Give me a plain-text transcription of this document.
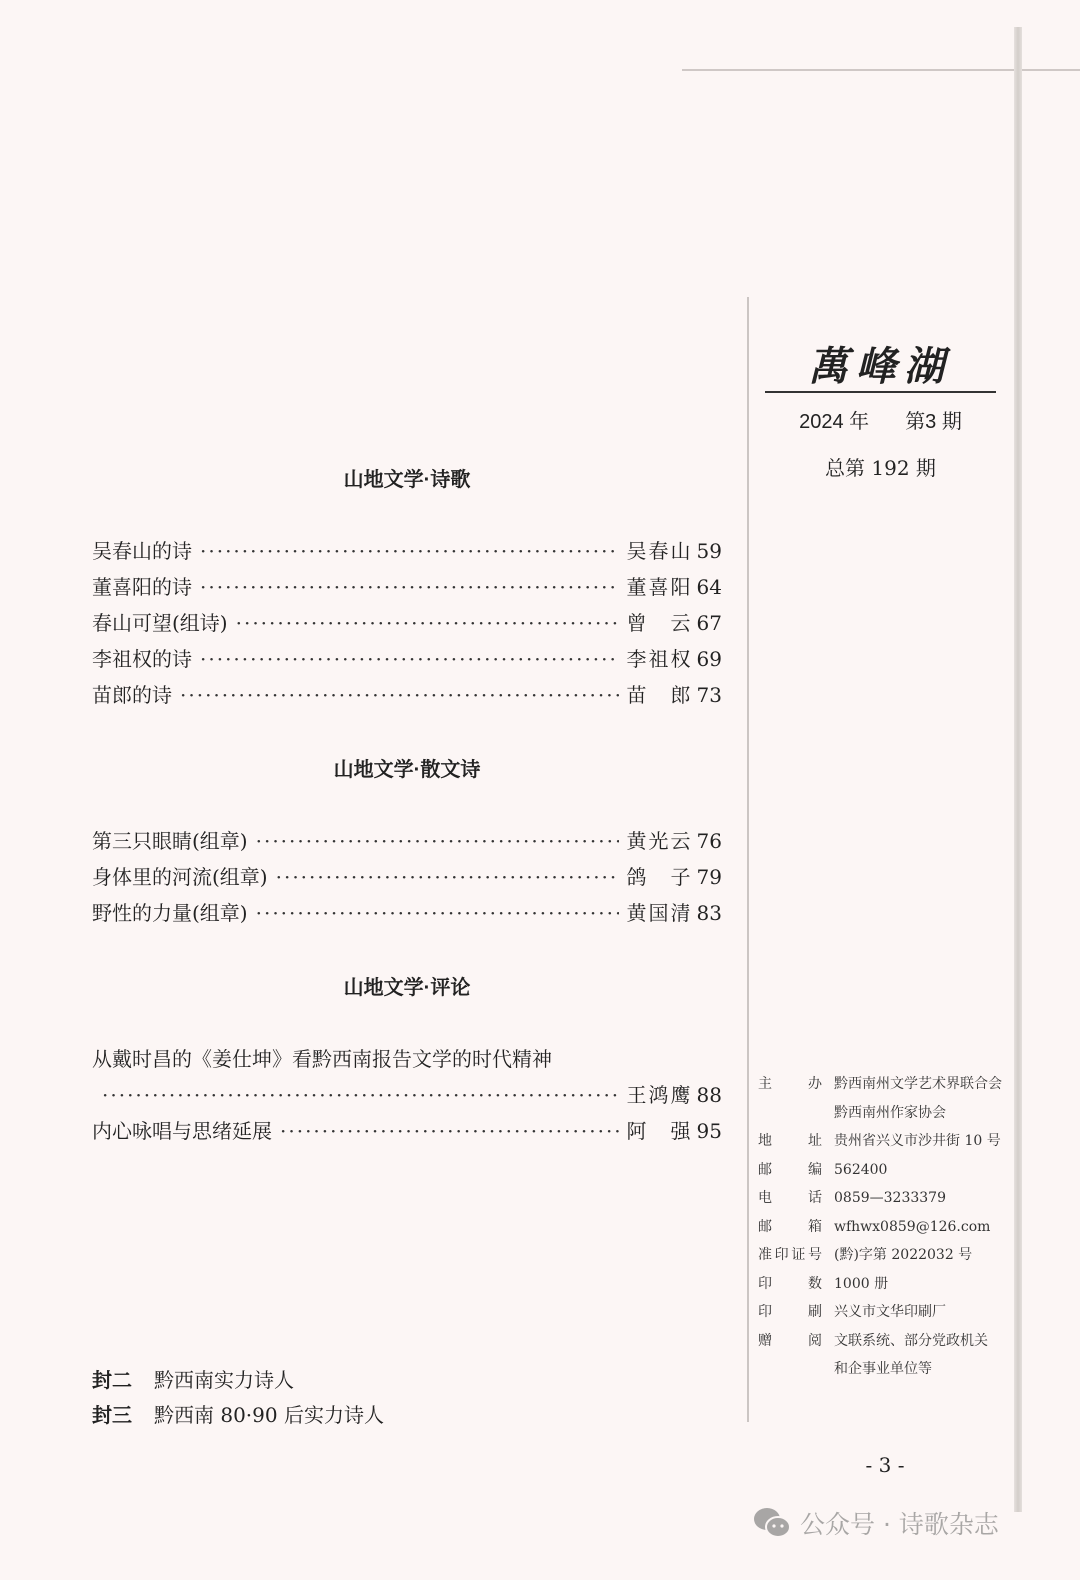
山地文学·诗歌
吴春山的诗 ·····	吴春山 59
董喜阳的诗 ·····	董喜阳 64
春山可望(组诗) ·····	曾　云 67
李祖权的诗 ·····	李祖权 69
苗郎的诗 ·····	苗　郎 73
山地文学·散文诗
第三只眼睛(组章) ·····	黄光云 76
身体里的河流(组章) ·····	鸽　子 79
野性的力量(组章) ·····	黄国清 83
山地文学·评论
从戴时昌的《姜仕坤》看黔西南报告文学的时代精神
·····
王鸿鹰 88
内心咏唱与思绪延展 ·····	阿　强 95
封二 黔西南实力诗人
封三 黔西南 80·90 后实力诗人
萬峰湖
2024 年 第3 期
总第 192 期
主办 黔西南州文学艺术界联合会
黔西南州作家协会
地址 贵州省兴义市沙井街 10 号
邮编 562400
电话 0859—3233379
邮箱 wfhwx0859@126.com
准印证号 (黔)字第 2022032 号
印数 1000 册
印刷 兴义市文华印刷厂
赠阅 文联系统、部分党政机关
和企事业单位等
- 3 -
公众号 · 诗歌杂志
